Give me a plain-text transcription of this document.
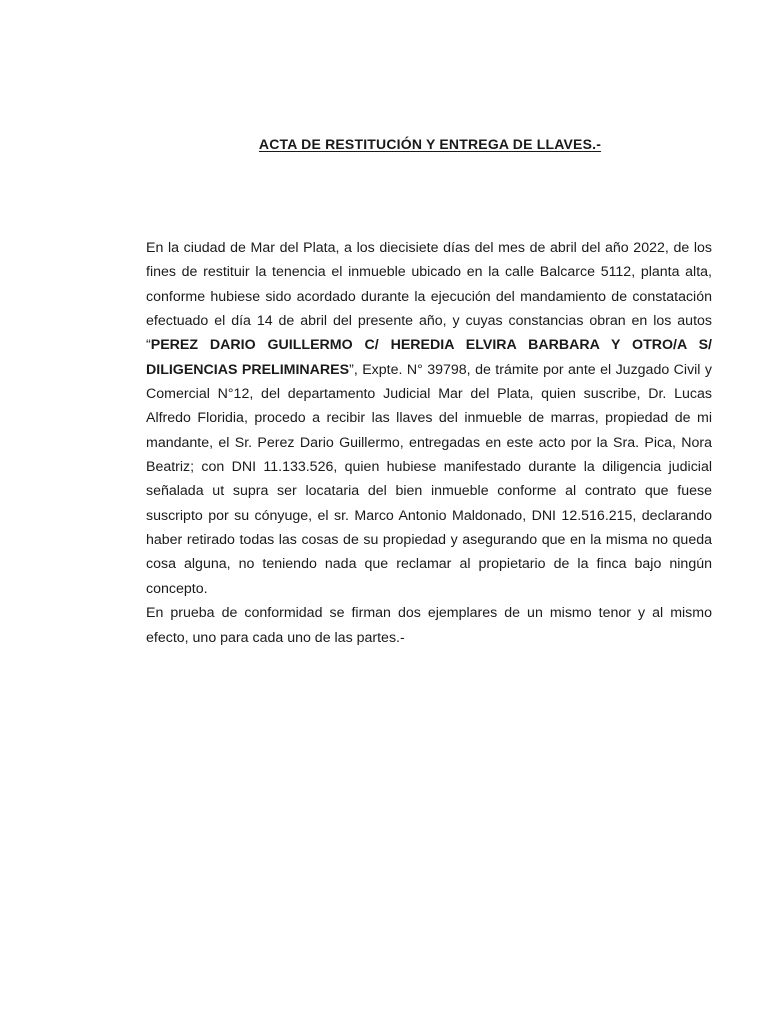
ACTA DE RESTITUCIÓN Y ENTREGA DE LLAVES.-

En la ciudad de Mar del Plata, a los diecisiete días del mes de abril del año 2022, de los fines de restituir la tenencia el inmueble ubicado en la calle Balcarce 5112, planta alta, conforme hubiese sido acordado durante la ejecución del mandamiento de constatación efectuado el día 14 de abril del presente año, y cuyas constancias obran en los autos “PEREZ DARIO GUILLERMO C/ HEREDIA ELVIRA BARBARA Y OTRO/A S/ DILIGENCIAS PRELIMINARES”, Expte. N° 39798, de trámite por ante el Juzgado Civil y Comercial N°12, del departamento Judicial Mar del Plata, quien suscribe, Dr. Lucas Alfredo Floridia, procedo a recibir las llaves del inmueble de marras, propiedad de mi mandante, el Sr. Perez Dario Guillermo, entregadas en este acto por la Sra. Pica, Nora Beatriz; con DNI 11.133.526, quien hubiese manifestado durante la diligencia judicial señalada ut supra ser locataria del bien inmueble conforme al contrato que fuese suscripto por su cónyuge, el sr. Marco Antonio Maldonado, DNI 12.516.215, declarando haber retirado todas las cosas de su propiedad y asegurando que en la misma no queda cosa alguna, no teniendo nada que reclamar al propietario de la finca bajo ningún concepto.

En prueba de conformidad se firman dos ejemplares de un mismo tenor y al mismo efecto, uno para cada uno de las partes.-
